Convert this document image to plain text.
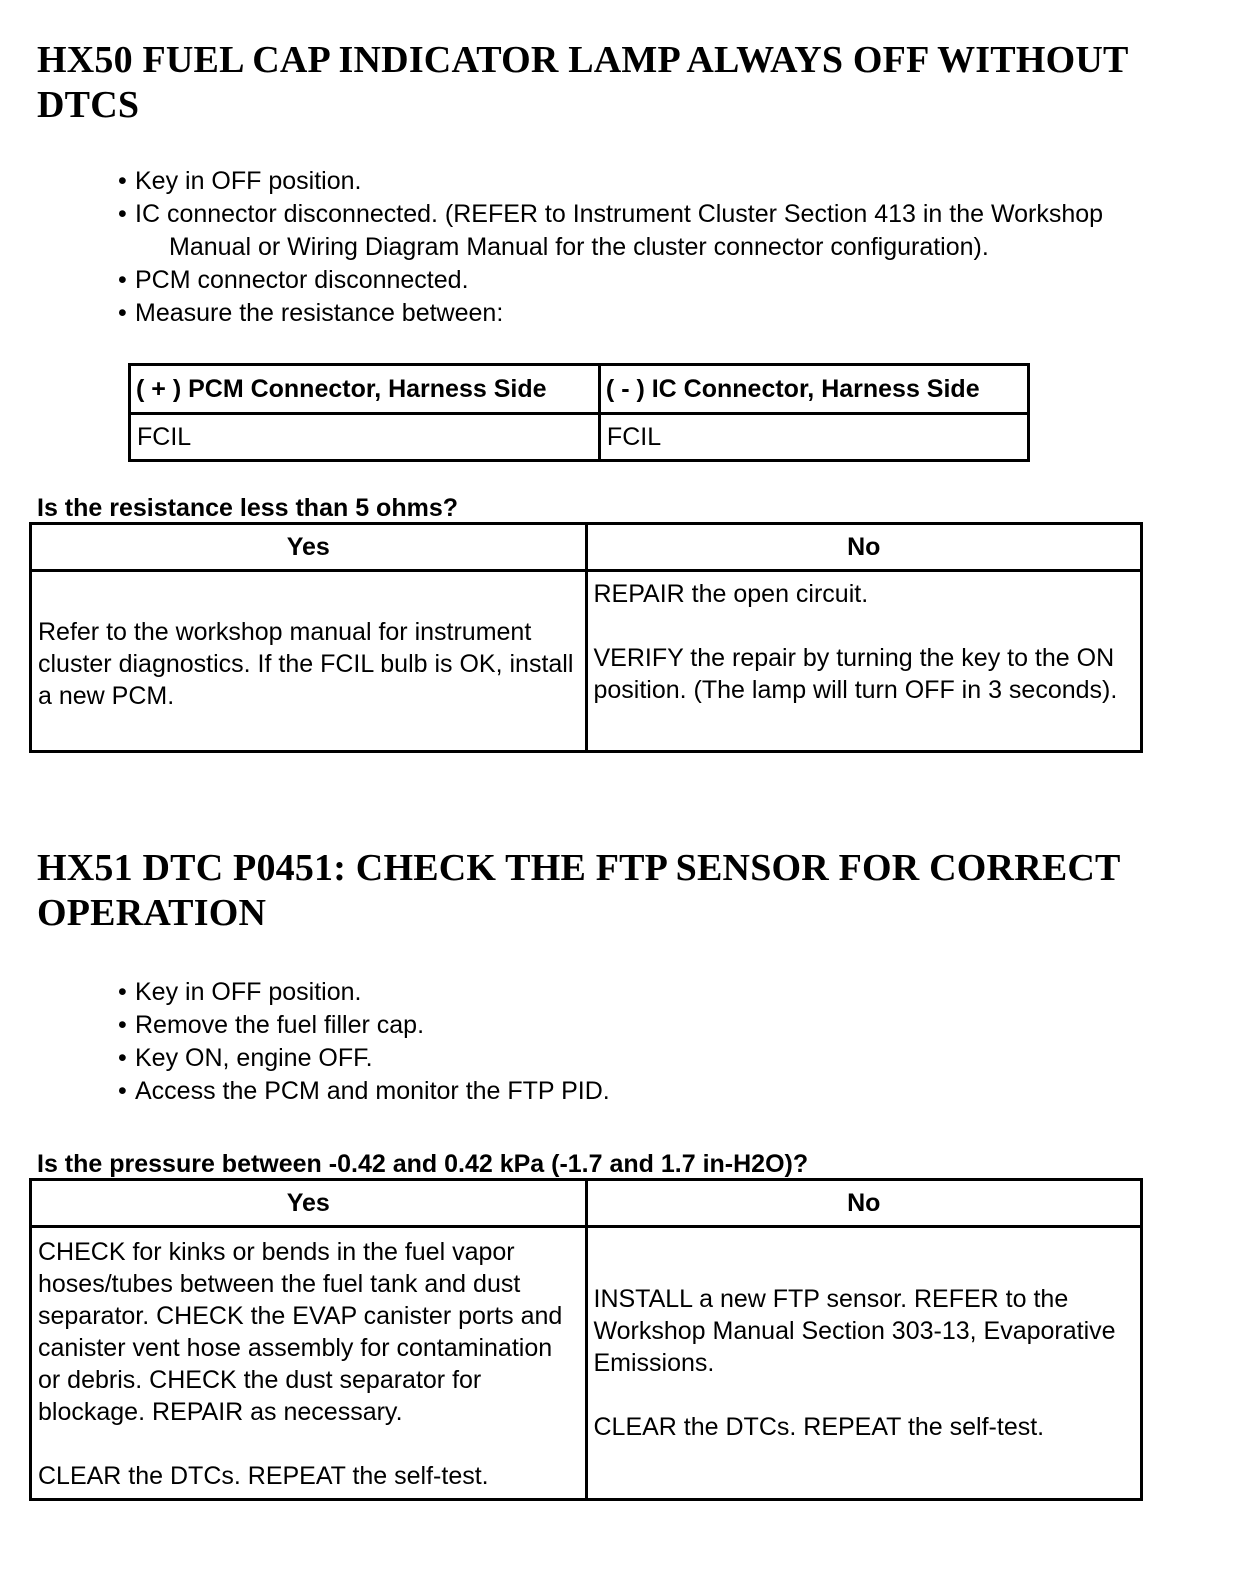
HX50 FUEL CAP INDICATOR LAMP ALWAYS OFF WITHOUT DTCS
• Key in OFF position.
• IC connector disconnected. (REFER to Instrument Cluster Section 413 in the Workshop
Manual or Wiring Diagram Manual for the cluster connector configuration).
• PCM connector disconnected.
• Measure the resistance between:
( + ) PCM Connector, Harness Side	( - ) IC Connector, Harness Side
FCIL	FCIL

Is the resistance less than 5 ohms?

Yes	No

Refer to the workshop manual for instrument cluster diagnostics. If the FCIL bulb is OK, install a new PCM.	REPAIR the open circuit.
VERIFY the repair by turning the key to the ON position. (The lamp will turn OFF in 3 seconds).
HX51 DTC P0451: CHECK THE FTP SENSOR FOR CORRECT OPERATION
• Key in OFF position.
• Remove the fuel filler cap.
• Key ON, engine OFF.
• Access the PCM and monitor the FTP PID.

Is the pressure between -0.42 and 0.42 kPa (-1.7 and 1.7 in-H2O)?

Yes	No

CHECK for kinks or bends in the fuel vapor hoses/tubes between the fuel tank and dust separator. CHECK the EVAP canister ports and canister vent hose assembly for contamination or debris. CHECK the dust separator for blockage. REPAIR as necessary.
CLEAR the DTCs. REPEAT the self-test.	INSTALL a new FTP sensor. REFER to the Workshop Manual Section 303-13, Evaporative Emissions.
CLEAR the DTCs. REPEAT the self-test.
